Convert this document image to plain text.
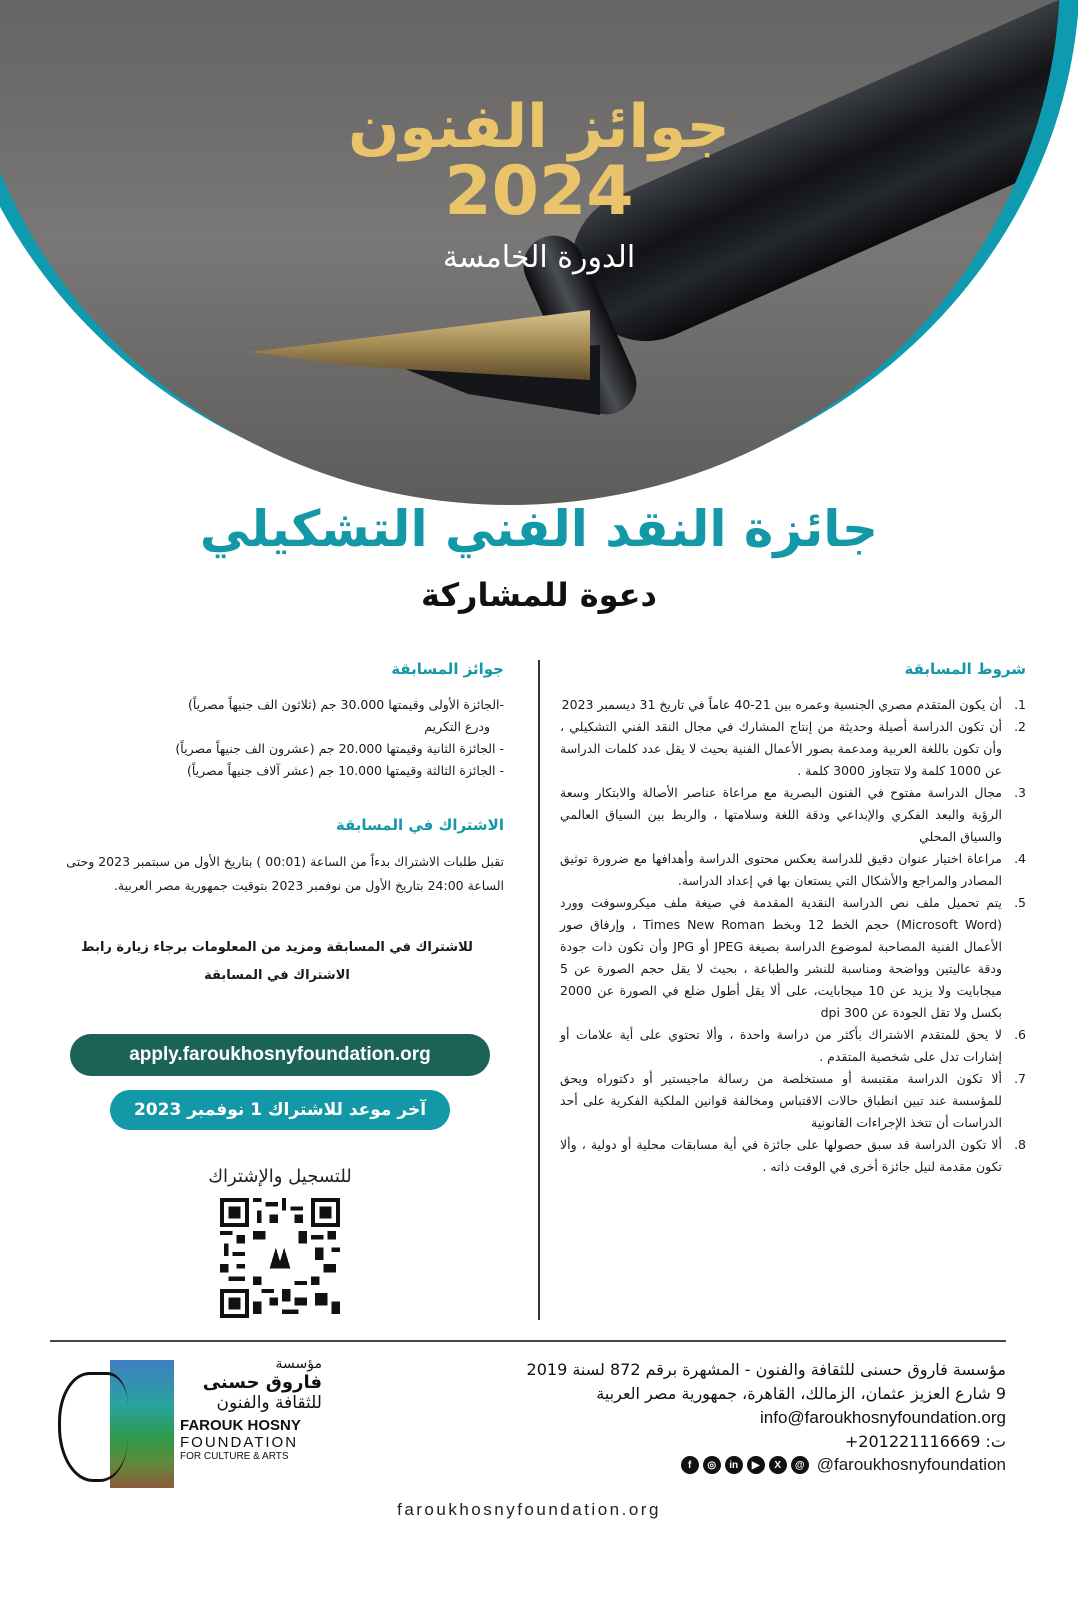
جوائز الفنون
2024
الدورة الخامسة
جائزة النقد الفني التشكيلي
دعوة للمشاركة
شروط المسابقة
1.
أن يكون المتقدم مصري الجنسية وعمره بين 21-40 عاماً في تاريخ 31 ديسمبر 2023
2.
أن تكون الدراسة أصيلة وحديثة من إنتاج المشارك في مجال النقد الفني التشكيلي ، وأن تكون باللغة العربية ومدعمة بصور الأعمال الفنية بحيث لا يقل عدد كلمات الدراسة عن 1000 كلمة ولا تتجاوز 3000 كلمة .
3.
مجال الدراسة مفتوح في الفنون البصرية مع مراعاة عناصر الأصالة والابتكار وسعة الرؤية والبعد الفكري والإبداعي ودقة اللغة وسلامتها ، والربط بين السياق العالمي والسياق المحلي
4.
مراعاة اختيار عنوان دقيق للدراسة يعكس محتوى الدراسة وأهدافها مع ضرورة توثيق المصادر والمراجع والأشكال التي يستعان بها في إعداد الدراسة.
5.
يتم تحميل ملف نص الدراسة النقدية المقدمة في صيغة ملف ميكروسوفت وورد (Microsoft Word) حجم الخط 12 وبخط Times New Roman ، وإرفاق صور الأعمال الفنية المصاحبة لموضوع الدراسة بصيغة JPEG أو JPG وأن تكون ذات جودة ودقة عاليتين وواضحة ومناسبة للنشر والطباعة ، بحيث لا يقل حجم الصورة عن 5 ميجابايت ولا يزيد عن 10 ميجابايت، على ألا يقل أطول ضلع في الصورة عن 2000 بكسل ولا تقل الجودة عن 300 dpi
6.
لا يحق للمتقدم الاشتراك بأكثر من دراسة واحدة ، وألا تحتوي على أية علامات أو إشارات تدل على شخصية المتقدم .
7.
ألا تكون الدراسة مقتبسة أو مستخلصة من رسالة ماجيستير أو دكتوراه ويحق للمؤسسة عند تبين انطباق حالات الاقتباس ومخالفة قوانين الملكية الفكرية على أحد الدراسات أن تتخذ الإجراءات القانونية
8.
ألا تكون الدراسة قد سبق حصولها على جائزة في أية مسابقات محلية أو دولية ، وألا تكون مقدمة لنيل جائزة أخرى في الوقت ذاته .
جوائز المسابقة
-الجائزة الأولى وقيمتها 30.000 جم (ثلاثون الف جنيهاً مصرياً)
ودرع التكريم
- الجائزة الثانية وقيمتها 20.000 جم (عشرون الف جنيهاً مصرياً)
- الجائزة الثالثة وقيمتها 10.000 جم (عشر آلاف جنيهاً مصرياً)
الاشتراك في المسابقة
تقبل طلبات الاشتراك بدءاً من الساعة (00:01 ) بتاريخ الأول من سبتمبر 2023 وحتى الساعة 24:00 بتاريخ الأول من نوفمبر 2023 بتوقيت جمهورية مصر العربية.
للاشتراك في المسابقة ومزيد من المعلومات برجاء زيارة رابط
الاشتراك في المسابقة
apply.faroukhosnyfoundation.org
آخر موعد للاشتراك 1 نوفمبر 2023
للتسجيل والإشتراك
مؤسسة
فاروق حسنى
للثقافة والفنون
FAROUK HOSNY
FOUNDATION
FOR CULTURE & ARTS
مؤسسة فاروق حسنى للثقافة والفنون - المشهرة برقم 872 لسنة 2019
9 شارع العزيز عثمان، الزمالك، القاهرة، جمهورية مصر العربية
info@faroukhosnyfoundation.org
ت: 201221116669+
f	◎	in	▶	X	@ @faroukhosnyfoundation
faroukhosnyfoundation.org
